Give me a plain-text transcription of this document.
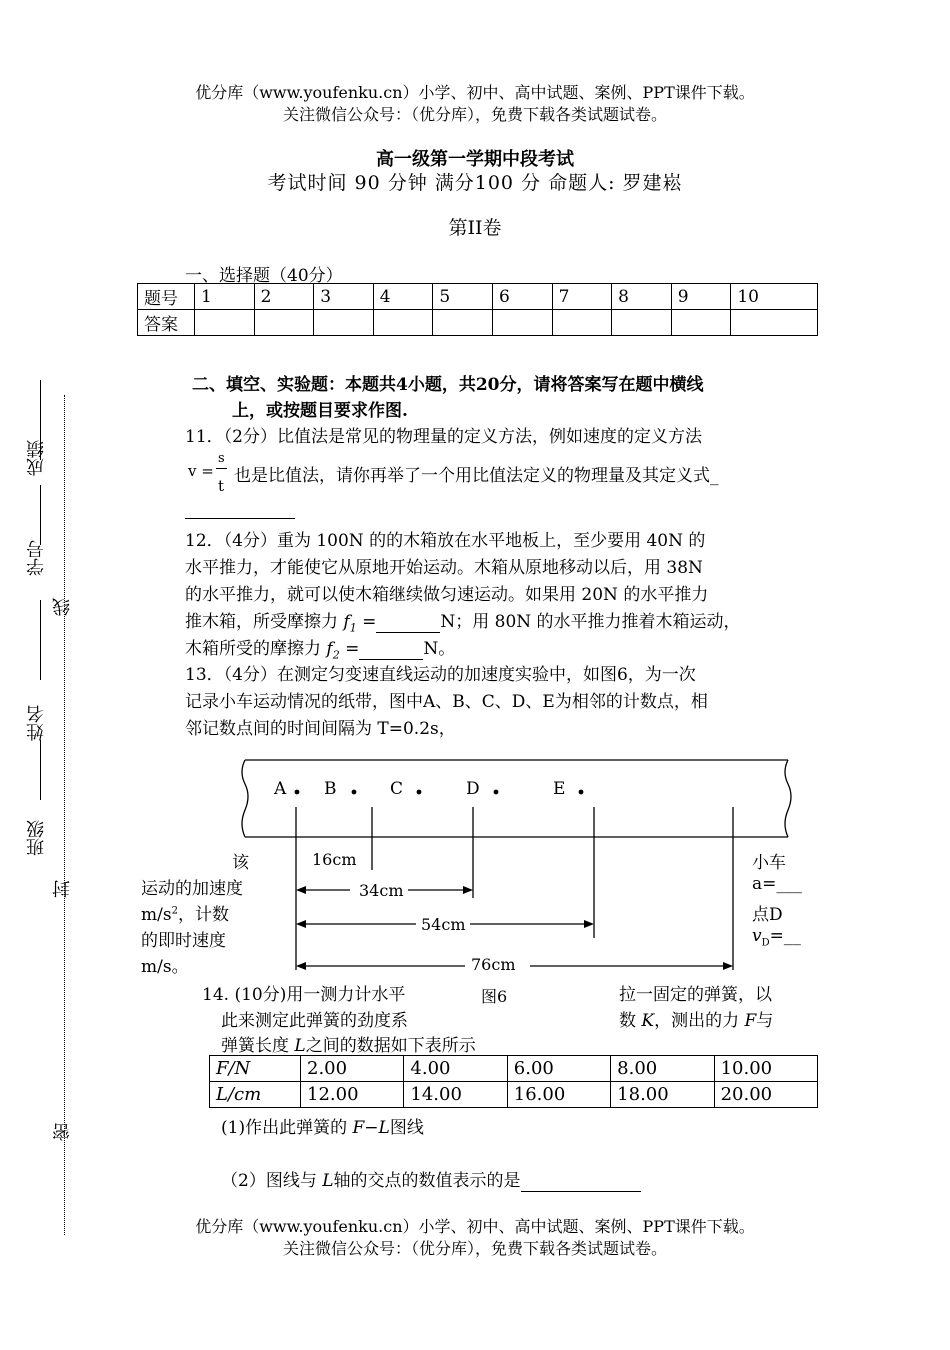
优分库（www.youfenku.cn）小学、初中、高中试题、案例、PPT课件下载。
关注微信公众号：（优分库），免费下载各类试题试卷。
高一级第一学期中段考试
考试时间 90 分钟 满分100 分 命题人: 罗建崧
第II卷
一、选择题（40分）
题号	1	2	3	4	5	6	7	8	9	10
答案										
二、填空、实验题：本题共4小题，共20分，请将答案写在题中横线
上，或按题目要求作图.
11．（2分）比值法是常见的物理量的定义方法，例如速度的定义方法
v =
s
t 也是比值法，请你再举了一个用比值法定义的物理量及其定义式_
12．（4分）重为 100N 的的木箱放在水平地板上，至少要用 40N 的
水平推力，才能使它从原地开始运动。木箱从原地移动以后，用 38N
的水平推力，就可以使木箱继续做匀速运动。如果用 20N 的水平推力
推木箱，所受摩擦力 $f_1$ =	N；用 80N 的水平推力推着木箱运动，
木箱所受的摩擦力 $f_2$ =	N。
13．（4分）在测定匀变速直线运动的加速度实验中，如图6，为一次
记录小车运动情况的纸带，图中A、B、C、D、E为相邻的计数点，相
邻记数点间的时间间隔为 T=0.2s，
A B	C	D	E
16cm
34cm
54cm
76cm
图6
该
运动的加速度
$m/s^2$，计数
的即时速度
m/s。
小车
a=___
点D
$v_D=\_\_$
14. (10分)用一测力计水平	拉一固定的弹簧，以
此来测定此弹簧的劲度系	数 K，测出的力 F与
弹簧长度 L之间的数据如下表所示
F/N	2.00	4.00	6.00	8.00	10.00
L/cm	12.00	14.00	16.00	18.00	20.00
(1)作出此弹簧的 F−L图线
（2）图线与 L轴的交点的数值表示的是
优分库（www.youfenku.cn）小学、初中、高中试题、案例、PPT课件下载。
关注微信公众号：（优分库），免费下载各类试题试卷。
成绩
学号
姓名
班级
线
封
密
